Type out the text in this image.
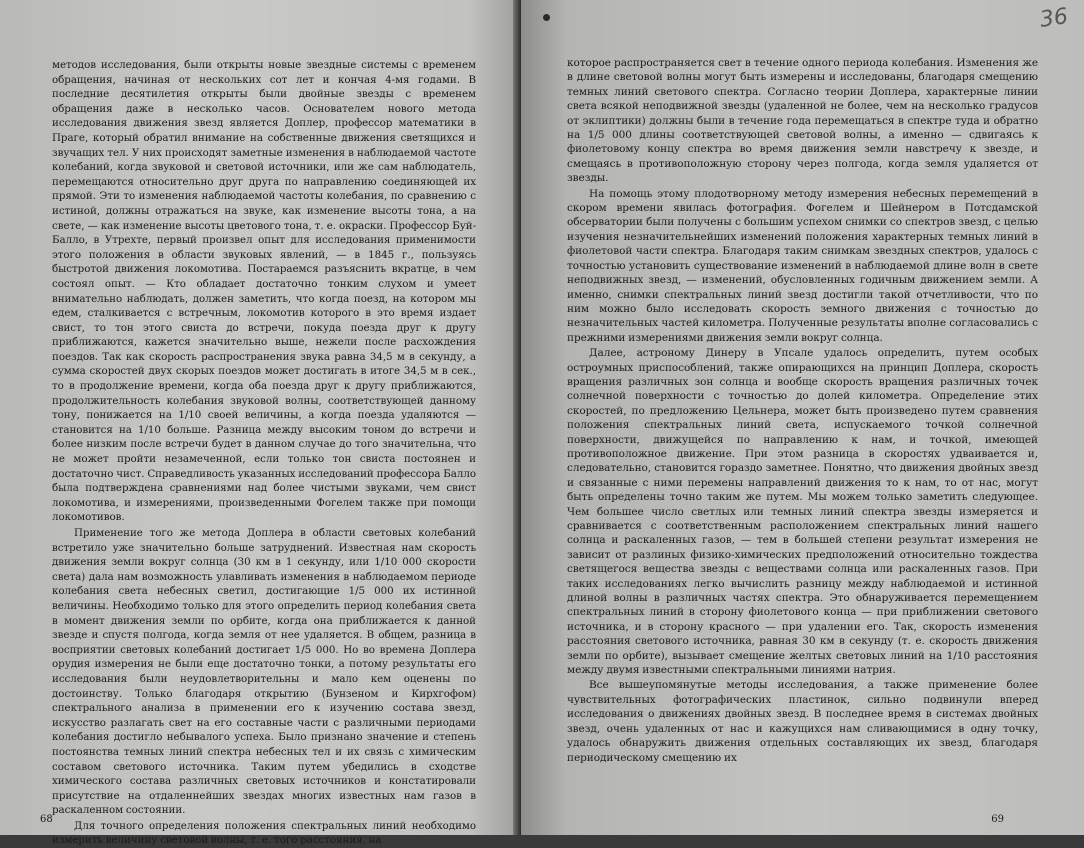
методов исследования, были открыты новые звездные системы с временем обращения, начиная от нескольких сот лет и кончая 4-мя годами. В последние десятилетия открыты были двойные звезды с временем обращения даже в несколько часов. Основателем нового метода исследования движения звезд является Доплер, профессор математики в Праге, который обратил внимание на собственные движения светящихся и звучащих тел. У них происходят заметные изменения в наблюдаемой частоте колебаний, когда звуковой и световой источники, или же сам наблюдатель, перемещаются относительно друг друга по направлению соединяющей их прямой. Эти то изменения наблюдаемой частоты колебания, по сравнению с истиной, должны отражаться на звуке, как изменение высоты тона, а на свете, — как изменение высоты цветового тона, т. е. окраски. Профессор Буй-Балло, в Утрехте, первый произвел опыт для исследования применимости этого положения в области звуковых явлений, — в 1845 г., пользуясь быстротой движения локомотива. Постараемся разъяснить вкратце, в чем состоял опыт. — Кто обладает достаточно тонким слухом и умеет внимательно наблюдать, должен заметить, что когда поезд, на котором мы едем, сталкивается с встречным, локомотив которого в это время издает свист, то тон этого свиста до встречи, покуда поезда друг к другу приближаются, кажется значительно выше, нежели после расхождения поездов. Так как скорость распространения звука равна 34,5 м в секунду, а сумма скоростей двух скорых поездов может достигать в итоге 34,5 м в сек., то в продолжение времени, когда оба поезда друг к другу приближаются, продолжительность колебания звуковой волны, соответствующей данному тону, понижается на 1/10 своей величины, а когда поезда удаляются — становится на 1/10 больше. Разница между высоким тоном до встречи и более низким после встречи будет в данном случае до того значительна, что не может пройти незамеченной, если только тон свиста постоянен и достаточно чист. Справедливость указанных исследований профессора Балло была подтверждена сравнениями над более чистыми звуками, чем свист локомотива, и измерениями, произведенными Фогелем также при помощи локомотивов.

Применение того же метода Доплера в области световых колебаний встретило уже значительно больше затруднений. Известная нам скорость движения земли вокруг солнца (30 км в 1 секунду, или 1/10 000 скорости света) дала нам возможность улавливать изменения в наблюдаемом периоде колебания света небесных светил, достигающие 1/5 000 их истинной величины. Необходимо только для этого определить период колебания света в момент движения земли по орбите, когда она приближается к данной звезде и спустя полгода, когда земля от нее удаляется. В общем, разница в восприятии световых колебаний достигает 1/5 000. Но во времена Доплера орудия измерения не были еще достаточно тонки, а потому результаты его исследования были неудовлетворительны и мало кем оценены по достоинству. Только благодаря открытию (Бунзеном и Кирхгофом) спектрального анализа в применении его к изучению состава звезд, искусство разлагать свет на его составные части с различными периодами колебания достигло небывалого успеха. Было признано значение и степень постоянства темных линий спектра небесных тел и их связь с химическим составом светового источника. Таким путем убедились в сходстве химического состава различных световых источников и констатировали присутствие на отдаленнейших звездах многих известных нам газов в раскаленном состоянии.

Для точного определения положения спектральных линий необходимо измерить величину световой волны, т. е. того расстояния, на

68
36

которое распространяется свет в течение одного периода колебания. Изменения же в длине световой волны могут быть измерены и исследованы, благодаря смещению темных линий светового спектра. Согласно теории Доплера, характерные линии света всякой неподвижной звезды (удаленной не более, чем на несколько градусов от эклиптики) должны были в течение года перемещаться в спектре туда и обратно на 1/5 000 длины соответствующей световой волны, а именно — сдвигаясь к фиолетовому концу спектра во время движения земли навстречу к звезде, и смещаясь в противоположную сторону через полгода, когда земля удаляется от звезды.

На помощь этому плодотворному методу измерения небесных перемещений в скором времени явилась фотография. Фогелем и Шейнером в Потсдамской обсерватории были получены с большим успехом снимки со спектров звезд, с целью изучения незначительнейших изменений положения характерных темных линий в фиолетовой части спектра. Благодаря таким снимкам звездных спектров, удалось с точностью установить существование изменений в наблюдаемой длине волн в свете неподвижных звезд, — изменений, обусловленных годичным движением земли. А именно, снимки спектральных линий звезд достигли такой отчетливости, что по ним можно было исследовать скорость земного движения с точностью до незначительных частей километра. Полученные результаты вполне согласовались с прежними измерениями движения земли вокруг солнца.

Далее, астроному Динеру в Упсале удалось определить, путем особых остроумных приспособлений, также опирающихся на принцип Доплера, скорость вращения различных зон солнца и вообще скорость вращения различных точек солнечной поверхности с точностью до долей километра. Определение этих скоростей, по предложению Цельнера, может быть произведено путем сравнения положения спектральных линий света, испускаемого точкой солнечной поверхности, движущейся по направлению к нам, и точкой, имеющей противоположное движение. При этом разница в скоростях удваивается и, следовательно, становится гораздо заметнее. Понятно, что движения двойных звезд и связанные с ними перемены направлений движения то к нам, то от нас, могут быть определены точно таким же путем. Мы можем только заметить следующее. Чем большее число светлых или темных линий спектра звезды измеряется и сравнивается с соответственным расположением спектральных линий нашего солнца и раскаленных газов, — тем в большей степени результат измерения не зависит от разлиных физико-химических предположений относительно тождества светящегося вещества звезды с веществами солнца или раскаленных газов. При таких исследованиях легко вычислить разницу между наблюдаемой и истинной длиной волны в различных частях спектра. Это обнаруживается перемещением спектральных линий в сторону фиолетового конца — при приближении светового источника, и в сторону красного — при удалении его. Так, скорость изменения расстояния светового источника, равная 30 км в секунду (т. е. скорость движения земли по орбите), вызывает смещение желтых световых линий на 1/10 расстояния между двумя известными спектральными линиями натрия.

Все вышеупомянутые методы исследования, а также применение более чувствительных фотографических пластинок, сильно подвинули вперед исследования о движениях двойных звезд. В последнее время в системах двойных звезд, очень удаленных от нас и кажущихся нам сливающимися в одну точку, удалось обнаружить движения отдельных составляющих их звезд, благодаря периодическому смещению их

69
